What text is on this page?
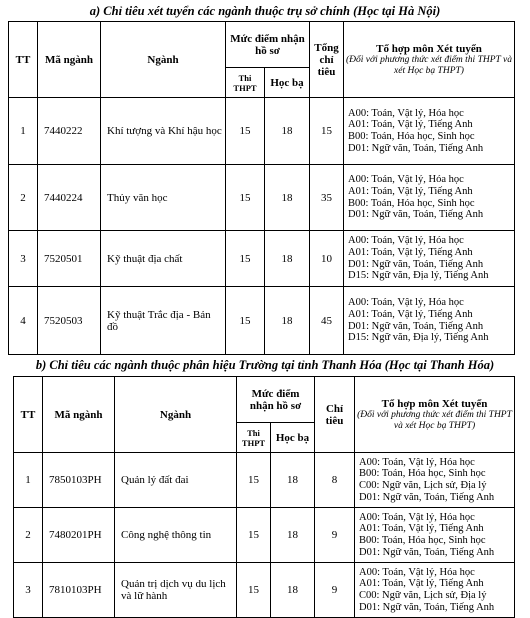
a) Chỉ tiêu xét tuyển các ngành thuộc trụ sở chính (Học tại Hà Nội)
TT	Mã ngành	Ngành	Mức điểm nhận hồ sơ		Tổng chỉ tiêu	Tổ hợp môn Xét tuyển
(Đối với phương thức xét điểm thi THPT và xét Học bạ THPT)

			Thi THPT	Học bạ		
1	7440222	Khí tượng và Khí hậu học	15	18	15	A00: Toán, Vật lý, Hóa học
A01: Toán, Vật lý, Tiếng Anh
B00: Toán, Hóa học, Sinh học
D01: Ngữ văn, Toán, Tiếng Anh

2	7440224	Thủy văn học	15	18	35	A00: Toán, Vật lý, Hóa học
A01: Toán, Vật lý, Tiếng Anh
B00: Toán, Hóa học, Sinh học
D01: Ngữ văn, Toán, Tiếng Anh

3	7520501	Kỹ thuật địa chất	15	18	10	A00: Toán, Vật lý, Hóa học
A01: Toán, Vật lý, Tiếng Anh
D01: Ngữ văn, Toán, Tiếng Anh
D15: Ngữ văn, Địa lý, Tiếng Anh

4	7520503	Kỹ thuật Trắc địa - Bản đồ	15	18	45	A00: Toán, Vật lý, Hóa học
A01: Toán, Vật lý, Tiếng Anh
D01: Ngữ văn, Toán, Tiếng Anh
D15: Ngữ văn, Địa lý, Tiếng Anh
b) Chỉ tiêu các ngành thuộc phân hiệu Trường tại tỉnh Thanh Hóa (Học tại Thanh Hóa)
TT	Mã ngành	Ngành	Mức điểm nhận hồ sơ		Chỉ tiêu	Tổ hợp môn Xét tuyển
(Đối với phương thức xét điểm thi THPT và xét Học bạ THPT)

			Thi THPT	Học bạ		
1	7850103PH	Quản lý đất đai	15	18	8	A00: Toán, Vật lý, Hóa học
B00: Toán, Hóa học, Sinh học
C00: Ngữ văn, Lịch sử, Địa lý
D01: Ngữ văn, Toán, Tiếng Anh

2	7480201PH	Công nghệ thông tin	15	18	9	A00: Toán, Vật lý, Hóa học
A01: Toán, Vật lý, Tiếng Anh
B00: Toán, Hóa học, Sinh học
D01: Ngữ văn, Toán, Tiếng Anh

3	7810103PH	Quản trị dịch vụ du lịch và lữ hành	15	18	9	A00: Toán, Vật lý, Hóa học
A01: Toán, Vật lý, Tiếng Anh
C00: Ngữ văn, Lịch sử, Địa lý
D01: Ngữ văn, Toán, Tiếng Anh
